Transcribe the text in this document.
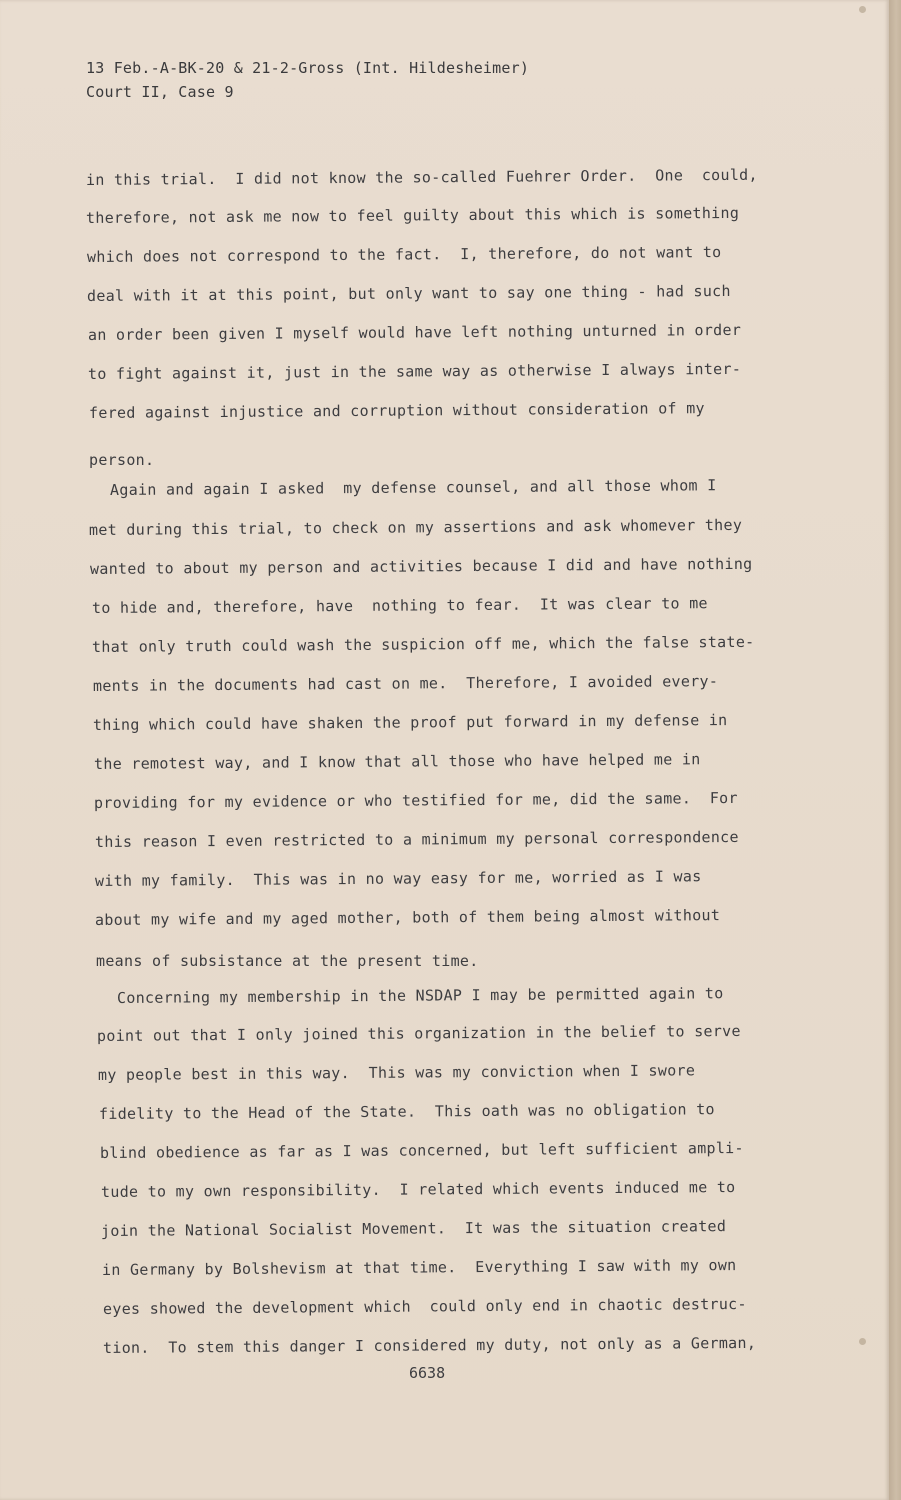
13 Feb.-A-BK-20 & 21-2-Gross (Int. Hildesheimer)
Court II, Case 9
in this trial.  I did not know the so-called Fuehrer Order.  One  could,
therefore, not ask me now to feel guilty about this which is something
which does not correspond to the fact.  I, therefore, do not want to
deal with it at this point, but only want to say one thing - had such
an order been given I myself would have left nothing unturned in order
to fight against it, just in the same way as otherwise I always inter-
fered against injustice and corruption without consideration of my
person.
Again and again I asked  my defense counsel, and all those whom I
met during this trial, to check on my assertions and ask whomever they
wanted to about my person and activities because I did and have nothing
to hide and, therefore, have  nothing to fear.  It was clear to me
that only truth could wash the suspicion off me, which the false state-
ments in the documents had cast on me.  Therefore, I avoided every-
thing which could have shaken the proof put forward in my defense in
the remotest way, and I know that all those who have helped me in
providing for my evidence or who testified for me, did the same.  For
this reason I even restricted to a minimum my personal correspondence
with my family.  This was in no way easy for me, worried as I was
about my wife and my aged mother, both of them being almost without
means of subsistance at the present time.
Concerning my membership in the NSDAP I may be permitted again to
point out that I only joined this organization in the belief to serve
my people best in this way.  This was my conviction when I swore
fidelity to the Head of the State.  This oath was no obligation to
blind obedience as far as I was concerned, but left sufficient ampli-
tude to my own responsibility.  I related which events induced me to
join the National Socialist Movement.  It was the situation created
in Germany by Bolshevism at that time.  Everything I saw with my own
eyes showed the development which  could only end in chaotic destruc-
tion.  To stem this danger I considered my duty, not only as a German,
6638
